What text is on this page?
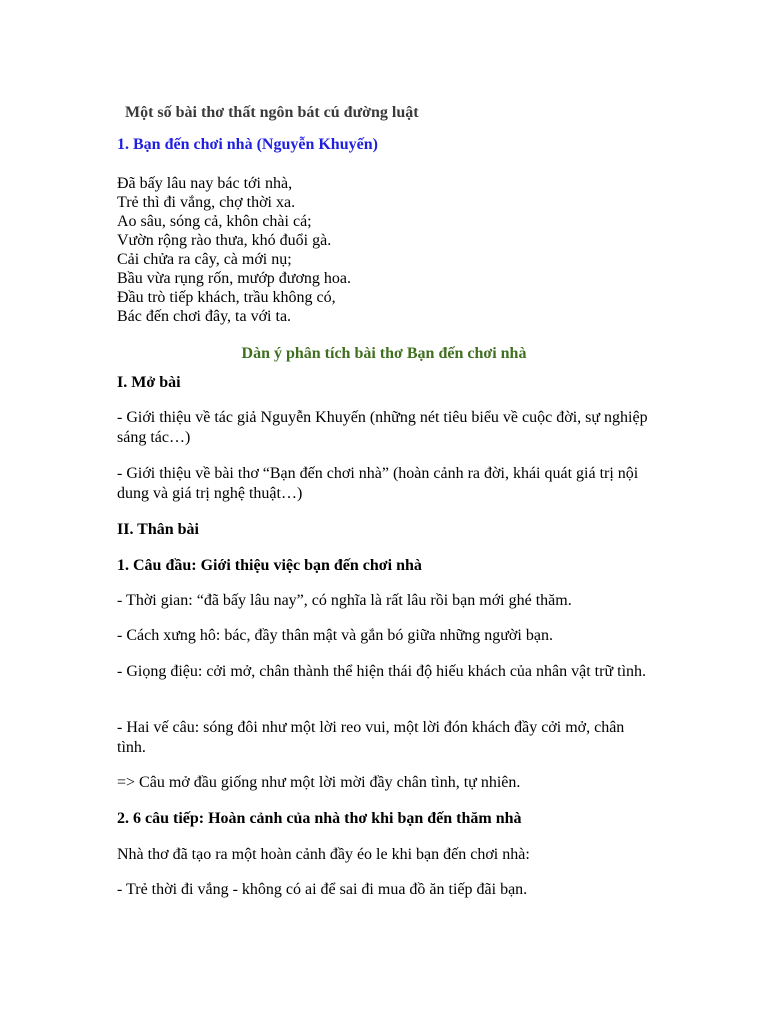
Một số bài thơ thất ngôn bát cú đường luật
1. Bạn đến chơi nhà (Nguyễn Khuyến)
Đã bấy lâu nay bác tới nhà,
Trẻ thì đi vắng, chợ thời xa.
Ao sâu, sóng cả, khôn chài cá;
Vườn rộng rào thưa, khó đuổi gà.
Cải chửa ra cây, cà mới nụ;
Bầu vừa rụng rốn, mướp đương hoa.
Đầu trò tiếp khách, trầu không có,
Bác đến chơi đây, ta với ta.
Dàn ý phân tích bài thơ Bạn đến chơi nhà
I. Mở bài
- Giới thiệu về tác giả Nguyễn Khuyến (những nét tiêu biểu về cuộc đời, sự nghiệp sáng tác…)
- Giới thiệu về bài thơ “Bạn đến chơi nhà” (hoàn cảnh ra đời, khái quát giá trị nội dung và giá trị nghệ thuật…)
II. Thân bài
1. Câu đầu: Giới thiệu việc bạn đến chơi nhà
- Thời gian: “đã bấy lâu nay”, có nghĩa là rất lâu rồi bạn mới ghé thăm.
- Cách xưng hô: bác, đầy thân mật và gắn bó giữa những người bạn.
- Giọng điệu: cởi mở, chân thành thể hiện thái độ hiếu khách của nhân vật trữ tình.
- Hai vế câu: sóng đôi như một lời reo vui, một lời đón khách đầy cởi mở, chân tình.
=> Câu mở đầu giống như một lời mời đầy chân tình, tự nhiên.
2. 6 câu tiếp: Hoàn cảnh của nhà thơ khi bạn đến thăm nhà
Nhà thơ đã tạo ra một hoàn cảnh đầy éo le khi bạn đến chơi nhà:
- Trẻ thời đi vắng - không có ai để sai đi mua đồ ăn tiếp đãi bạn.
